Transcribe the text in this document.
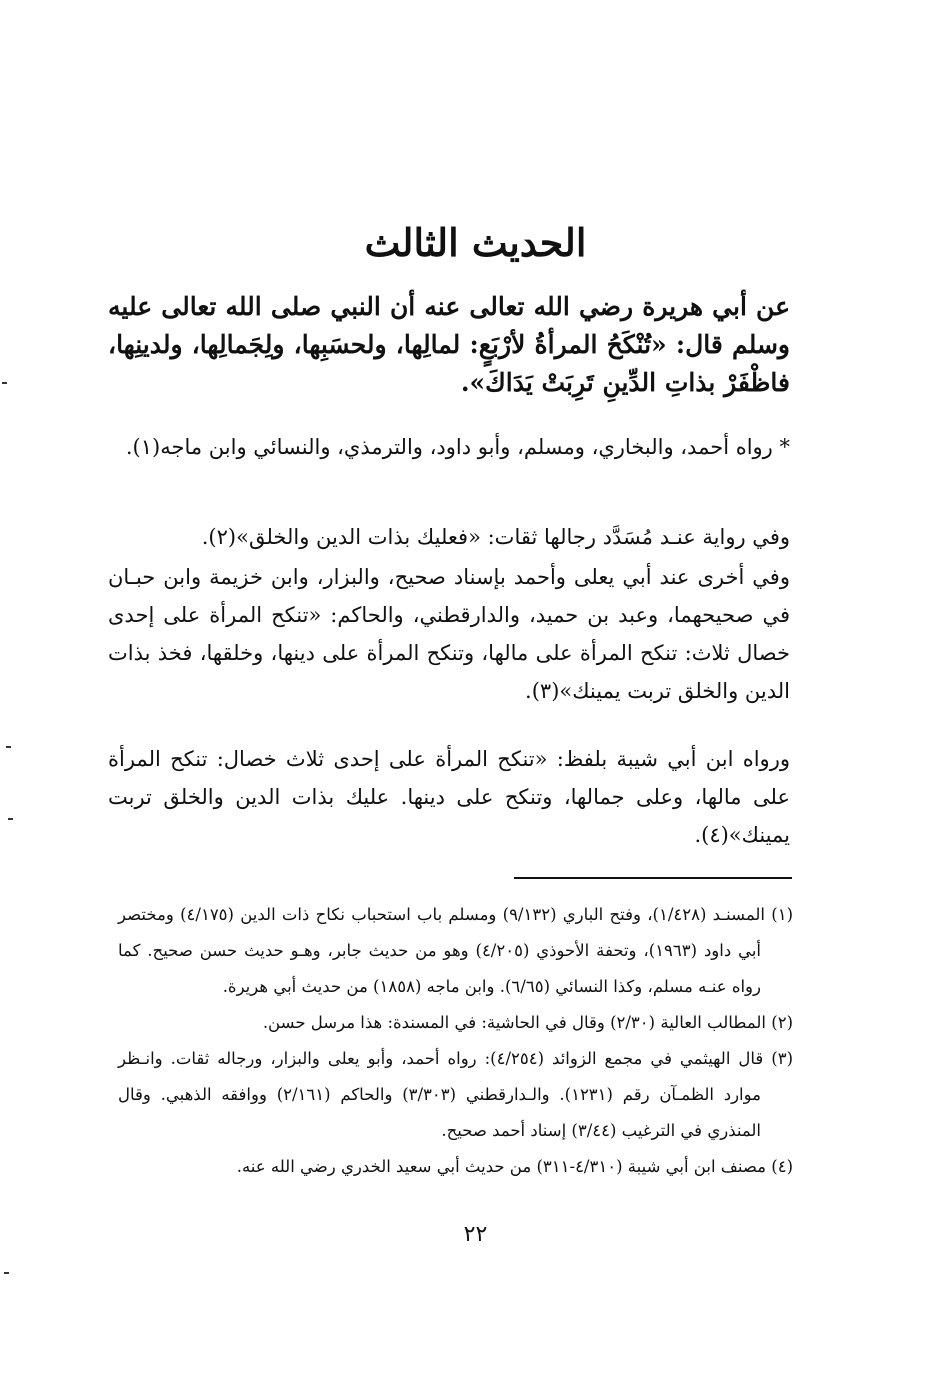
الحديث الثالث
عن أبي هريرة رضي الله تعالى عنه أن النبي صلى الله تعالى عليه وسلم قال: «تُنْكَحُ المرأةُ لأرْبَعٍ: لمالِها، ولحسَبِها، ولِجَمالِها، ولدينِها، فاظْفَرْ بذاتِ الدِّينِ تَرِبَتْ يَدَاكَ».
* رواه أحمد، والبخاري، ومسلم، وأبو داود، والترمذي، والنسائي وابن ماجه(١).
وفي رواية عنـد مُسَدَّد رجالها ثقات: «فعليك بذات الدين والخلق»(٢).
وفي أخرى عند أبي يعلى وأحمد بإسناد صحيح، والبزار، وابن خزيمة وابن حبـان في صحيحهما، وعبد بن حميد، والدارقطني، والحاكم: «تنكح المرأة على إحدى خصال ثلاث: تنكح المرأة على مالها، وتنكح المرأة على دينها، وخلقها، فخذ بذات الدين والخلق تربت يمينك»(٣).
ورواه ابن أبي شيبة بلفظ: «تنكح المرأة على إحدى ثلاث خصال: تنكح المرأة على مالها، وعلى جمالها، وتنكح على دينها. عليك بذات الدين والخلق تربت يمينك»(٤).
(١) المسنـد (١/٤٢٨)، وفتح الباري (٩/١٣٢) ومسلم باب استحباب نكاح ذات الدين (٤/١٧٥) ومختصر أبي داود (١٩٦٣)، وتحفة الأحوذي (٤/٢٠٥) وهو من حديث جابر، وهـو حديث حسن صحيح. كما رواه عنـه مسلم، وكذا النسائي (٦/٦٥). وابن ماجه (١٨٥٨) من حديث أبي هريرة.
(٢) المطالب العالية (٢/٣٠) وقال في الحاشية: في المسندة: هذا مرسل حسن.
(٣) قال الهيثمي في مجمع الزوائد (٤/٢٥٤): رواه أحمد، وأبو يعلى والبزار، ورجاله ثقات. وانـظر موارد الظمـآن رقم (١٢٣١). والـدارقطني (٣/٣٠٣) والحاكم (٢/١٦١) ووافقه الذهبي. وقال المنذري في الترغيب (٣/٤٤) إسناد أحمد صحيح.
(٤) مصنف ابن أبي شيبة (٤/٣١٠-٣١١) من حديث أبي سعيد الخدري رضي الله عنه.
٢٢
